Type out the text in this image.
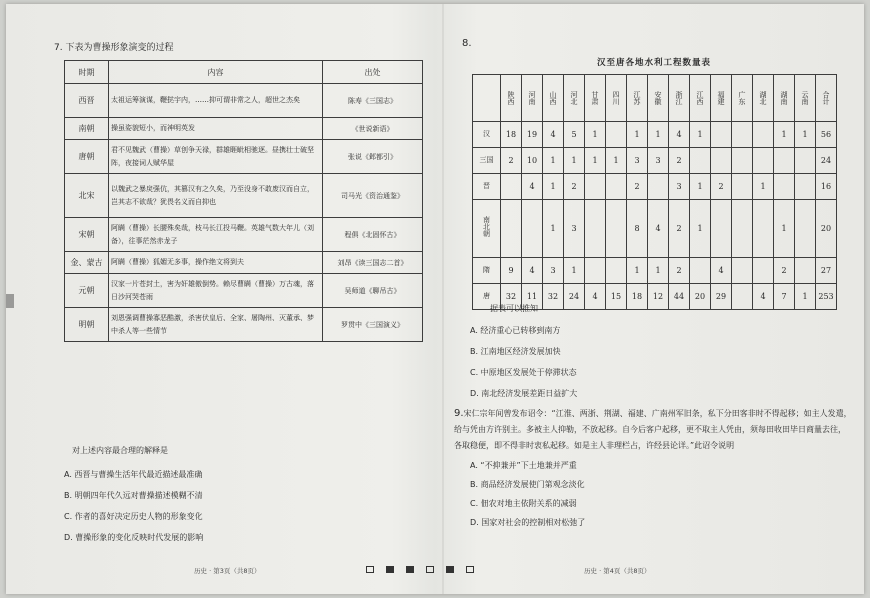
7. 下表为曹操形象演变的过程
时期	内容	出处
西晋	太祖运筹演谋，鞭挞宇内，……抑可谓非常之人，超世之杰矣	陈寿《三国志》
南朝	操虽姿貌短小，而神明英发	《世说新语》
唐朝	君不见魏武（曹操）草创争天禄，群雄睚眦相驰逐。昼携壮士破坚阵，夜接词人赋华屋	张说《邺都引》
北宋	以魏武之暴戾强伉，其篡汉有之久矣，乃至没身不敢废汉而自立，岂其志不欲哉？犹畏名义而自抑也	司马光《资治通鉴》
宋朝	阿瞒（曹操）长腰殊矣哉，枝马长江投马鞭。英雄气数大年儿（刘备），往事茫然赤龙子	程俱《北固怀古》
金、蒙古	阿瞒（曹操）狐媚无多事，操作绝文将到夫	刘昂《读三国志二首》
元朝	汉家一片苍封土，害为奸雄傲倒势。赖尽曹瞒（曹操）万古魂，落日沙河哭苍雨	吴师道《聊吊古》
明朝	刘恩强调曹操寡恶酷激，杀害伏皇后、全家、屠陶州、灭董承、梦中杀人等一些情节	罗贯中《三国演义》
对上述内容最合理的解释是
A. 西晋与曹操生活年代最近描述最准确
B. 明朝四年代久远对曹操描述模糊不清
C. 作者的喜好决定历史人物的形象变化
D. 曹操形象的变化反映时代发展的影响
历史 · 第3页（共8页）
8.
汉至唐各地水利工程数量表

	陕西	河南	山西	河北	甘肃	四川	江苏	安徽	浙江	江西	福建	广东	湖北	湖南	云南	合计

汉	18	19	4	5	1		1	1	4	1				1	1	56
三国	2	10	1	1	1	1	3	3	2							24
晋		4	1	2			2		3	1	2		1			16
南北朝			1	3			8	4	2	1				1		20
隋	9	4	3	1			1	1	2		4			2		27
唐	32	11	32	24	4	15	18	12	44	20	29		4	7	1	253
据表可以推知
A. 经济重心已转移到南方
B. 江南地区经济发展加快
C. 中原地区发展处于停滞状态
D. 南北经济发展差距日益扩大
9.宋仁宗年间曾发布诏令：“江淮、两浙、荆湖、福建、广南州军旧条，私下分田客非时不得起移；如主人发遣，给与凭由方许别主。多被主人抑勒，不放起移。自今后客户起移，更不取主人凭由，须每田收田毕日商量去往，各取稳便，即不得非时衷私起移。如是主人非理栏占，许经县论详。”此诏令说明
A. “不抑兼并”下土地兼并严重
B. 商品经济发展使门第观念淡化
C. 佃农对地主依附关系的减弱
D. 国家对社会的控制相对松弛了
历史 · 第4页（共8页）
